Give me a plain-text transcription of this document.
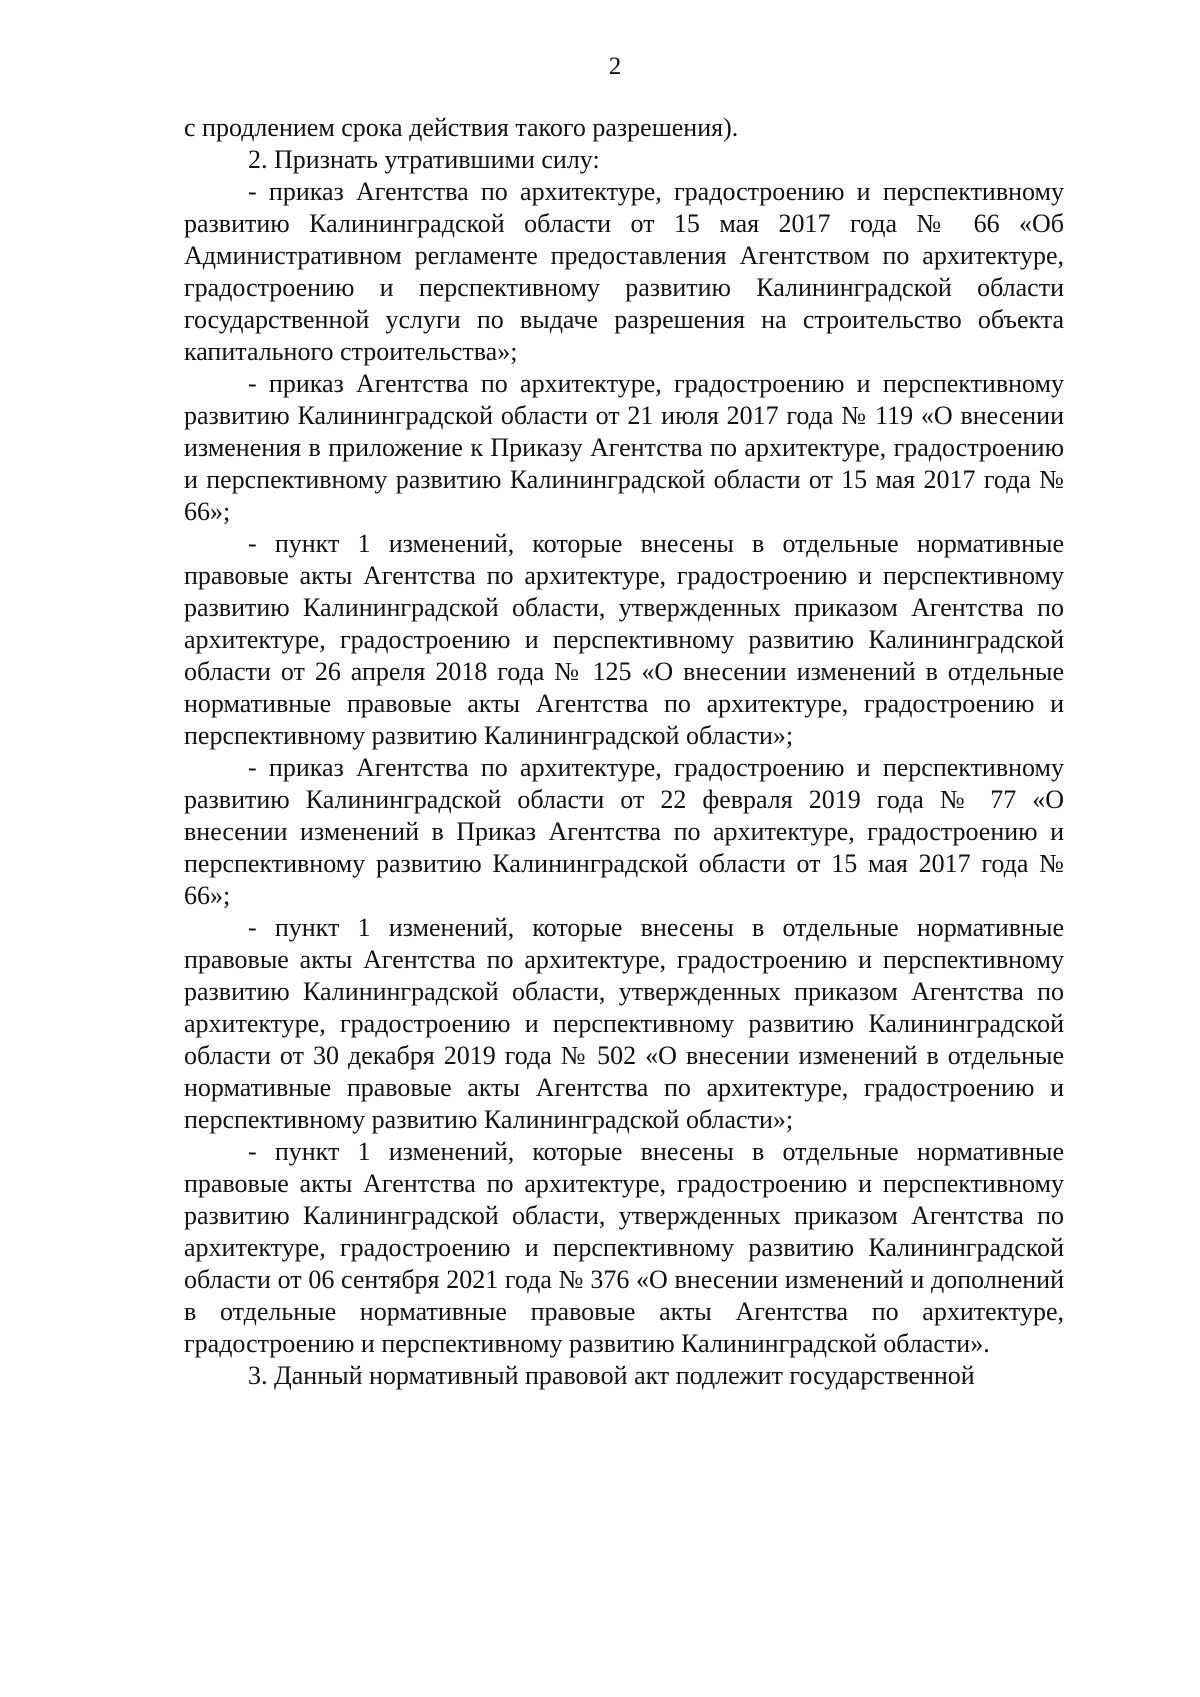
2

с продлением срока действия такого разрешения).

2. Признать утратившими силу:

- приказ Агентства по архитектуре, градостроению и перспективному развитию Калининградской области от 15 мая 2017 года № 66 «Об Административном регламенте предоставления Агентством по архитектуре, градостроению и перспективному развитию Калининградской области государственной услуги по выдаче разрешения на строительство объекта капитального строительства»;

- приказ Агентства по архитектуре, градостроению и перспективному развитию Калининградской области от 21 июля 2017 года № 119 «О внесении изменения в приложение к Приказу Агентства по архитектуре, градостроению и перспективному развитию Калининградской области от 15 мая 2017 года № 66»;

- пункт 1 изменений, которые внесены в отдельные нормативные правовые акты Агентства по архитектуре, градостроению и перспективному развитию Калининградской области, утвержденных приказом Агентства по архитектуре, градостроению и перспективному развитию Калининградской области от 26 апреля 2018 года № 125 «О внесении изменений в отдельные нормативные правовые акты Агентства по архитектуре, градостроению и перспективному развитию Калининградской области»;

- приказ Агентства по архитектуре, градостроению и перспективному развитию Калининградской области от 22 февраля 2019 года № 77 «О внесении изменений в Приказ Агентства по архитектуре, градостроению и перспективному развитию Калининградской области от 15 мая 2017 года № 66»;

- пункт 1 изменений, которые внесены в отдельные нормативные правовые акты Агентства по архитектуре, градостроению и перспективному развитию Калининградской области, утвержденных приказом Агентства по архитектуре, градостроению и перспективному развитию Калининградской области от 30 декабря 2019 года № 502 «О внесении изменений в отдельные нормативные правовые акты Агентства по архитектуре, градостроению и перспективному развитию Калининградской области»;

- пункт 1 изменений, которые внесены в отдельные нормативные правовые акты Агентства по архитектуре, градостроению и перспективному развитию Калининградской области, утвержденных приказом Агентства по архитектуре, градостроению и перспективному развитию Калининградской области от 06 сентября 2021 года № 376 «О внесении изменений и дополнений в отдельные нормативные правовые акты Агентства по архитектуре, градостроению и перспективному развитию Калининградской области».

3. Данный нормативный правовой акт подлежит государственной
